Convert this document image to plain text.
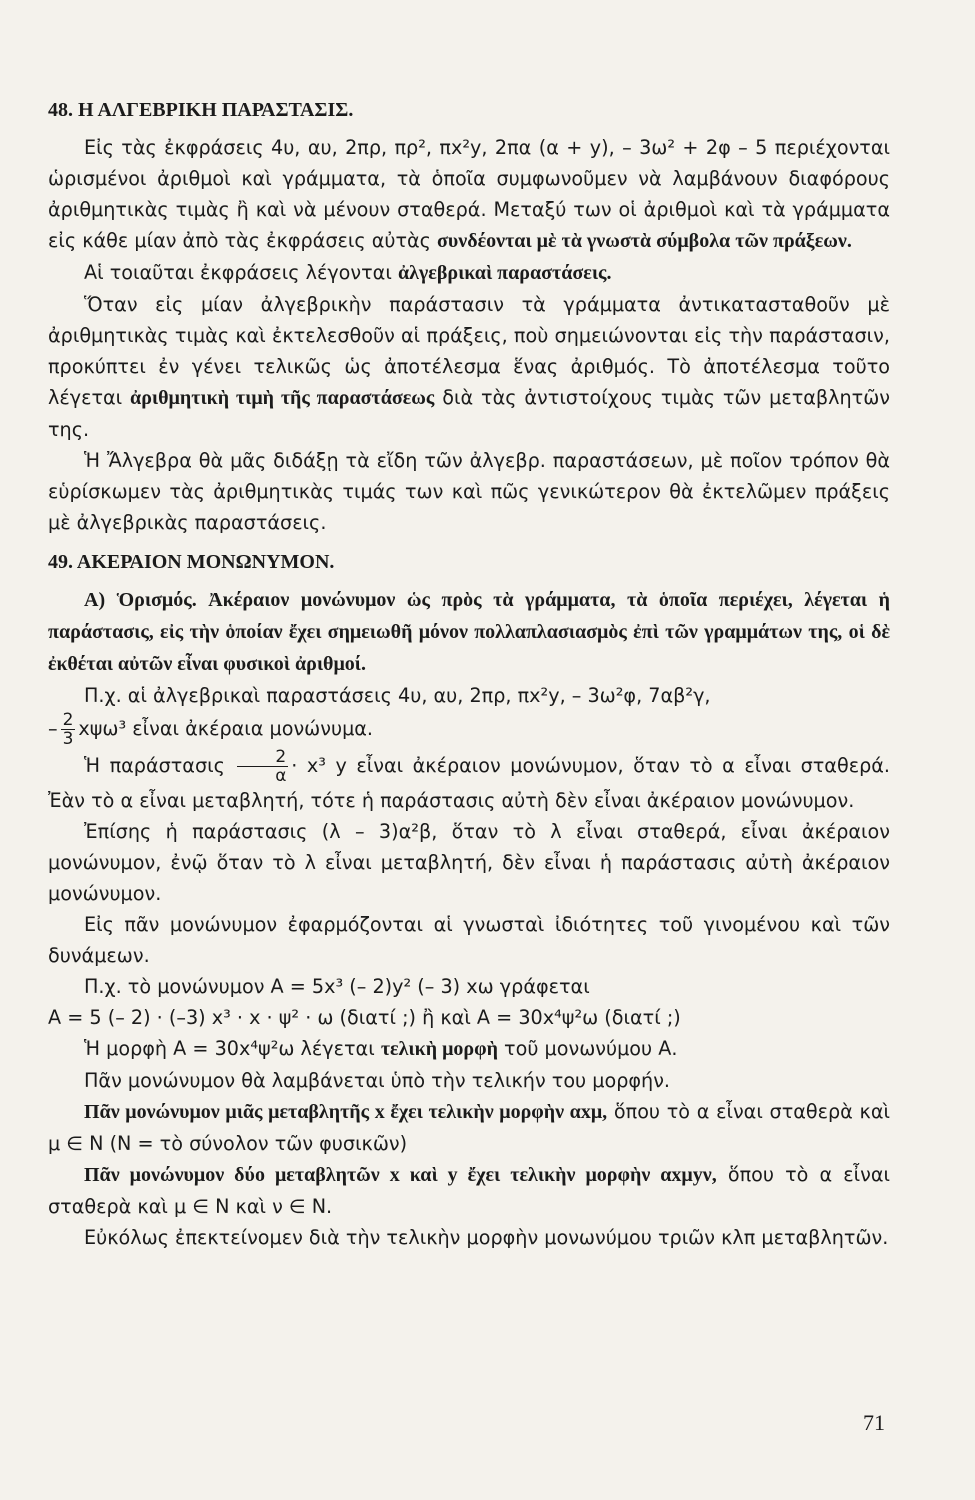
48. Η ΑΛΓΕΒΡΙΚΗ ΠΑΡΑΣΤΑΣΙΣ.

Εἰς τὰς ἐκφράσεις 4υ, αυ, 2πρ, πρ², πx²y, 2πα (α + y), – 3ω² + 2φ – 5 περιέχονται ὡρισμένοι ἀριθμοὶ καὶ γράμματα, τὰ ὁποῖα συμφωνοῦμεν νὰ λαμβάνουν διαφόρους ἀριθμητικὰς τιμὰς ἢ καὶ νὰ μένουν σταθερά. Μεταξύ των οἱ ἀριθμοὶ καὶ τὰ γράμματα εἰς κάθε μίαν ἀπὸ τὰς ἐκφράσεις αὐτὰς συνδέονται μὲ τὰ γνωστὰ σύμβολα τῶν πράξεων.

Αἱ τοιαῦται ἐκφράσεις λέγονται ἀλγεβρικαὶ παραστάσεις.

Ὅταν εἰς μίαν ἀλγεβρικὴν παράστασιν τὰ γράμματα ἀντικατασταθοῦν μὲ ἀριθμητικὰς τιμὰς καὶ ἐκτελεσθοῦν αἱ πράξεις, ποὺ σημειώνονται εἰς τὴν παράστασιν, προκύπτει ἐν γένει τελικῶς ὡς ἀποτέλεσμα ἕνας ἀριθμός. Τὸ ἀποτέλεσμα τοῦτο λέγεται ἀριθμητικὴ τιμὴ τῆς παραστάσεως διὰ τὰς ἀντιστοίχους τιμὰς τῶν μεταβλητῶν της.

Ἡ Ἄλγεβρα θὰ μᾶς διδάξῃ τὰ εἴδη τῶν ἀλγεβρ. παραστάσεων, μὲ ποῖον τρόπον θὰ εὑρίσκωμεν τὰς ἀριθμητικὰς τιμάς των καὶ πῶς γενικώτερον θὰ ἐκτελῶμεν πράξεις μὲ ἀλγεβρικὰς παραστάσεις.

49. ΑΚΕΡΑΙΟΝ ΜΟΝΩΝΥΜΟΝ.

Α) Ὁρισμός. Ἀκέραιον μονώνυμον ὡς πρὸς τὰ γράμματα, τὰ ὁποῖα περιέχει, λέγεται ἡ παράστασις, εἰς τὴν ὁποίαν ἔχει σημειωθῆ μόνον πολλαπλασιασμὸς ἐπὶ τῶν γραμμάτων της, οἱ δὲ ἐκθέται αὐτῶν εἶναι φυσικοὶ ἀριθμοί.

Π.χ. αἱ ἀλγεβρικαὶ παραστάσεις 4υ, αυ, 2πρ, πx²y, – 3ω²φ, 7αβ²γ,

– $\frac{2}{3} x\psi\omega^3$ εἶναι ἀκέραια μονώνυμα.

Ἡ παράστασις $\frac{2}{\alpha} \cdot x^3$ y εἶναι ἀκέραιον μονώνυμον, ὅταν τὸ α εἶναι σταθερά. Ἐὰν τὸ α εἶναι μεταβλητή, τότε ἡ παράστασις αὐτὴ δὲν εἶναι ἀκέραιον μονώνυμον.

Ἐπίσης ἡ παράστασις (λ – 3)α²β, ὅταν τὸ λ εἶναι σταθερά, εἶναι ἀκέραιον μονώνυμον, ἐνῷ ὅταν τὸ λ εἶναι μεταβλητή, δὲν εἶναι ἡ παράστασις αὐτὴ ἀκέραιον μονώνυμον.

Εἰς πᾶν μονώνυμον ἐφαρμόζονται αἱ γνωσταὶ ἰδιότητες τοῦ γινομένου καὶ τῶν δυνάμεων.

Π.χ. τὸ μονώνυμον Α = 5x³ (– 2)y² (– 3) xω γράφεται

Α = 5 (– 2) · (–3) x³ · x · ψ² · ω (διατί ;) ἢ καὶ Α = 30x⁴ψ²ω (διατί ;)

Ἡ μορφὴ Α = 30x⁴ψ²ω λέγεται τελικὴ μορφὴ τοῦ μονωνύμου Α.

Πᾶν μονώνυμον θὰ λαμβάνεται ὑπὸ τὴν τελικήν του μορφήν.

Πᾶν μονώνυμον μιᾶς μεταβλητῆς x ἔχει τελικὴν μορφὴν αxμ, ὅπου τὸ α εἶναι σταθερὰ καὶ μ ∈ Ν (Ν = τὸ σύνολον τῶν φυσικῶν)

Πᾶν μονώνυμον δύο μεταβλητῶν x καὶ y ἔχει τελικὴν μορφὴν αxμyν, ὅπου τὸ α εἶναι σταθερὰ καὶ μ ∈ Ν καὶ ν ∈ Ν.

Εὐκόλως ἐπεκτείνομεν διὰ τὴν τελικὴν μορφὴν μονωνύμου τριῶν κλπ μεταβλητῶν.

71
